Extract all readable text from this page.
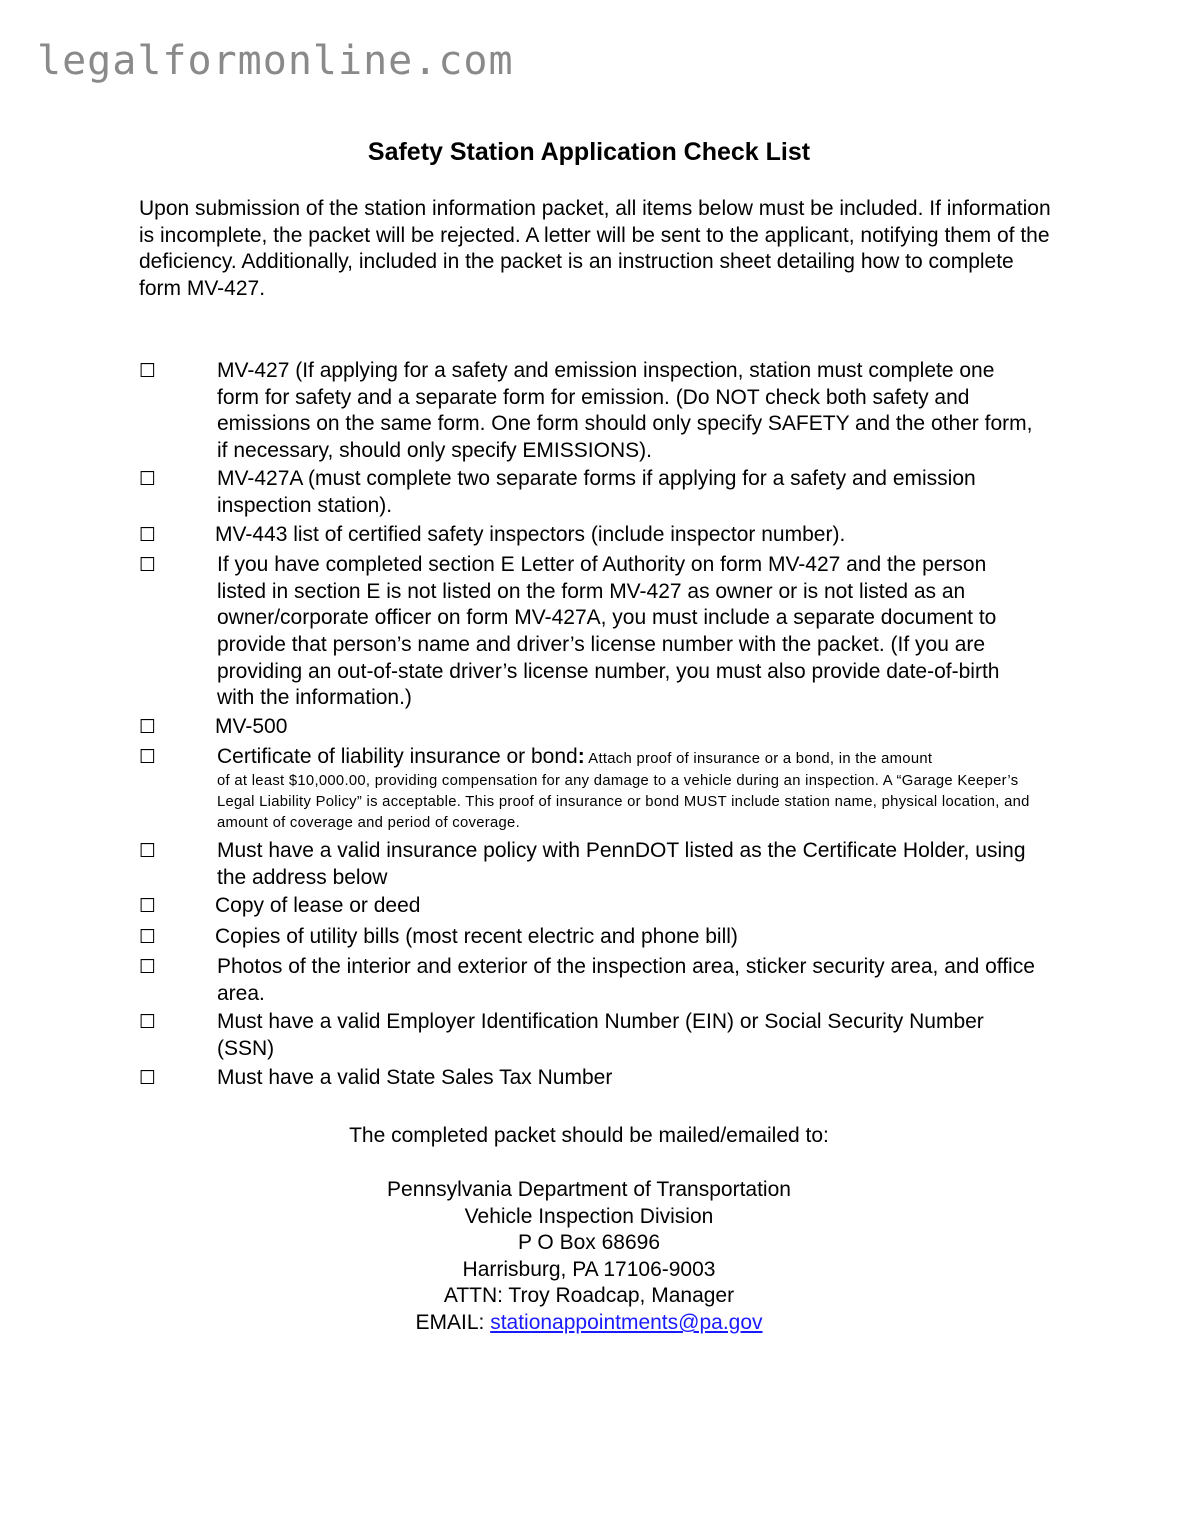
legalformonline.com
Safety Station Application Check List
Upon submission of the station information packet, all items below must be included. If information is incomplete, the packet will be rejected. A letter will be sent to the applicant, notifying them of the deficiency. Additionally, included in the packet is an instruction sheet detailing how to complete form MV-427.
☐	MV-427 (If applying for a safety and emission inspection, station must complete one form for safety and a separate form for emission. (Do NOT check both safety and emissions on the same form. One form should only specify SAFETY and the other form, if necessary, should only specify EMISSIONS).
☐	MV-427A (must complete two separate forms if applying for a safety and emission inspection station).
☐	MV-443 list of certified safety inspectors (include inspector number).
☐	If you have completed section E Letter of Authority on form MV-427 and the person listed in section E is not listed on the form MV-427 as owner or is not listed as an owner/corporate officer on form MV-427A, you must include a separate document to provide that person’s name and driver’s license number with the packet. (If you are providing an out-of-state driver’s license number, you must also provide date-of-birth with the information.)
☐	MV-500
☐	Certificate of liability insurance or bond: Attach proof of insurance or a bond, in the amount
of at least $10,000.00, providing compensation for any damage to a vehicle during an inspection. A “Garage Keeper’s Legal Liability Policy” is acceptable. This proof of insurance or bond MUST include station name, physical location, and amount of coverage and period of coverage.
☐	Must have a valid insurance policy with PennDOT listed as the Certificate Holder, using the address below
☐	Copy of lease or deed
☐	Copies of utility bills (most recent electric and phone bill)
☐	Photos of the interior and exterior of the inspection area, sticker security area, and office area.
☐	Must have a valid Employer Identification Number (EIN) or Social Security Number (SSN)
☐	Must have a valid State Sales Tax Number
The completed packet should be mailed/emailed to:
Pennsylvania Department of Transportation
Vehicle Inspection Division
P O Box 68696
Harrisburg, PA 17106-9003
ATTN: Troy Roadcap, Manager
EMAIL: stationappointments@pa.gov
